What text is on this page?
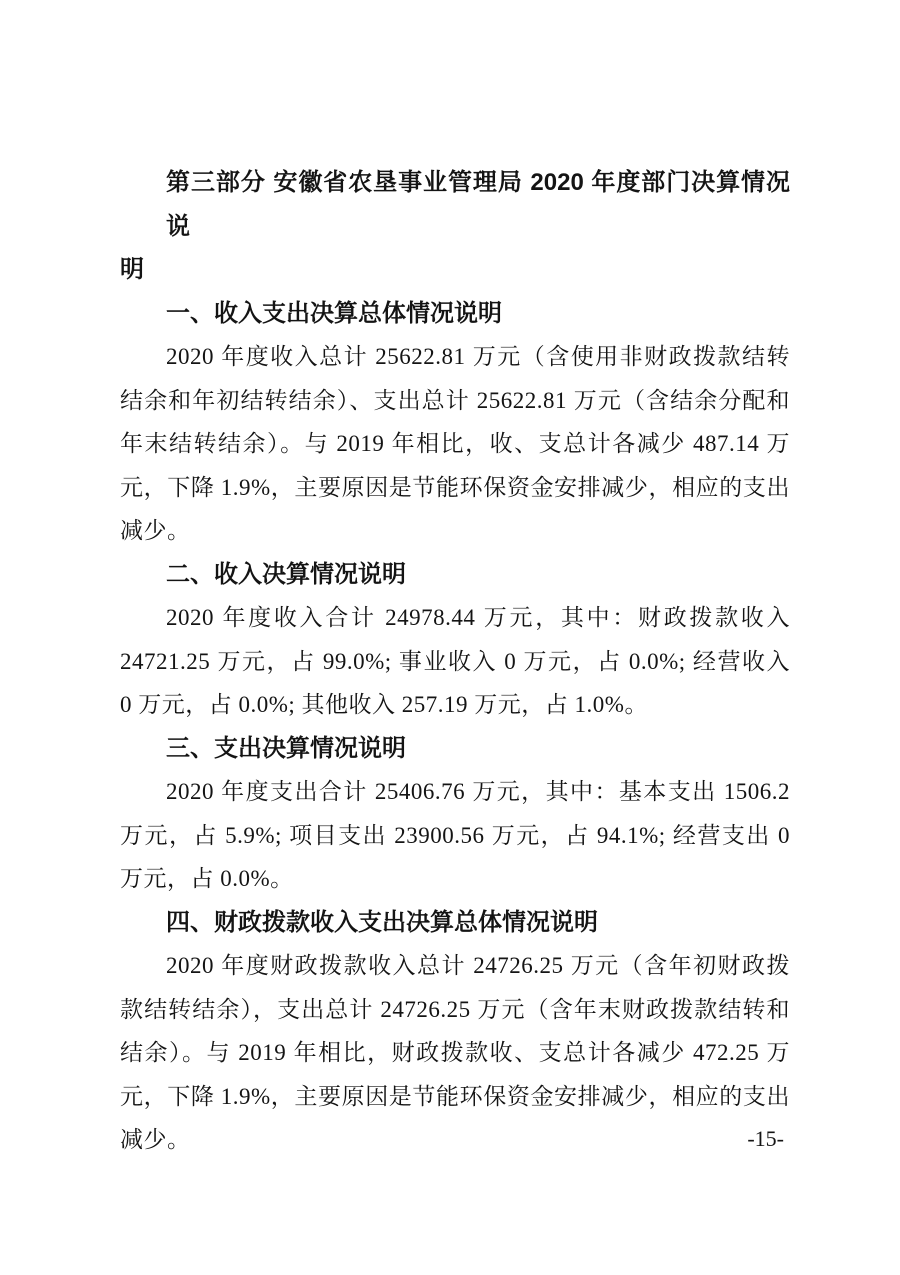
第三部分 安徽省农垦事业管理局 2020 年度部门决算情况说
明
一、收入支出决算总体情况说明
2020 年度收入总计 25622.81 万元（含使用非财政拨款结转
结余和年初结转结余）、支出总计 25622.81 万元（含结余分配和
年末结转结余）。与 2019 年相比，收、支总计各减少 487.14 万
元，下降 1.9%，主要原因是节能环保资金安排减少，相应的支出
减少。
二、收入决算情况说明
2020 年度收入合计 24978.44 万元，其中：财政拨款收入
24721.25 万元，占 99.0%; 事业收入 0 万元，占 0.0%; 经营收入
0 万元，占 0.0%; 其他收入 257.19 万元，占 1.0%。
三、支出决算情况说明
2020 年度支出合计 25406.76 万元，其中：基本支出 1506.2
万元，占 5.9%; 项目支出 23900.56 万元，占 94.1%; 经营支出 0
万元，占 0.0%。
四、财政拨款收入支出决算总体情况说明
2020 年度财政拨款收入总计 24726.25 万元（含年初财政拨
款结转结余），支出总计 24726.25 万元（含年末财政拨款结转和
结余）。与 2019 年相比，财政拨款收、支总计各减少 472.25 万
元，下降 1.9%，主要原因是节能环保资金安排减少，相应的支出
减少。	-15-
